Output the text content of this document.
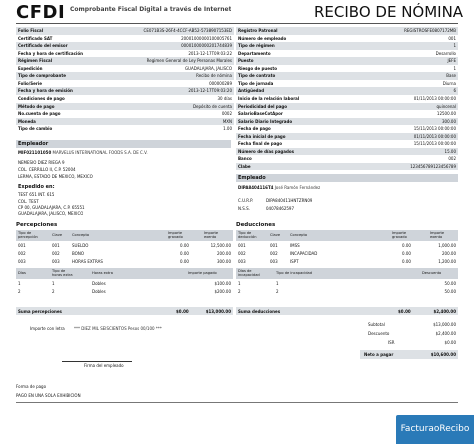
CFDI Comprobante Fiscal Digital a través de Internet	RECIBO DE NÓMINA
Folio Fiscal	CE071B3S-26F4-4CCF-AB52-5738907153ED
Certificado SAT	20001000000100005761
Certificado del emisor	00001000000201744839
Fecha y hora de certificación	2013-12-17T09:03:22
Régimen Fiscal	Regimen General de Ley Personas Morales
Expedición	GUADALAJARA, JALISCO
Tipo de comprobante	Recibo de nómina
Folio/Serie	000000289
Fecha y hora de emisión	2013-12-17T09:03:20
Condiciones de pago	30 días
Método de pago	Depósito de cuenta
No.cuenta de pago	0002
Moneda	MXN
Tipo de cambio	1.00
Registro Patronal	REGISTROSFE0807172MB
Número de empleado	001
Tipo de régimen	1
Departamento	Desarrollo
Puesto	JEFE
Riesgo de puesto	1
Tipo de contrato	Base
Tipo de jornada	Diurna
Antigüedad	6
Inicio de la relación laboral	01/11/2013 00:00:00
Periodicidad del pago	quincenal
SalarioBaseCotApor	12500.00
Salario Diario Integrado	300.00
Fecha de pago	15/11/2013 00:00:00
Fecha inicial de pago	01/11/2013 00:00:00
Fecha final de pago	15/11/2013 00:00:00
Número de días pagados	15.00
Banco	002
Clabe	123456789123456789
Empleador
MIF021101050 MARVELUS INTERNATIONAL FOODS S.A. DE C.V.
NEMESIO DIEZ RIEGA 9
COL. CERRILLO II, C.P. 52004
LERMA, ESTADO DE MEXICO, MEXICO
Expedido en:
TEST 651 INT. 615
COL. TEST
CP 00, GUADALAJARA, C.P. 65551
GUADALAJARA, JALISCO, MEXICO
Empleado
DIPA8404116T4 José Ramón Fernández
C.U.R.P.	DIPA840411HNTZRN09
N.S.S.	04078462597
Percepciones
Tipo de percepción	Clave	Concepto	Importe gravado
Importe exento
001	001	SUELDO	0.00	12,500.00
002	002	BONO	0.00	200.00
003	003	HORAS EXTRAS	0.00	300.00
Días	Tipo de horas extra	Horas extra	Importe pagado
1	1	Dobles	$100.00
2	2	Dobles	$200.00
Suma percepciones	$0.00	$13,000.00
Deducciones
Tipo de deducción	Clave	Concepto	Importe gravado
Importe exento
001	001	IMSS	0.00	1,000.00
002	002	INCAPACIDAD	0.00	200.00
003	003	ISPT	0.00	1,200.00
Días de incapacidad	Tipo de incapacidad	Descuento
1	1	50.00
2	2	50.00
Suma deducciones	$0.00	$2,400.00
Importe con letra *** DIEZ MIL SEISCIENTOS Pesos 00/100 ***
Subtotal	$13,000.00
Descuento	$2,400.00
ISR	$0.00
Neto a pagar	$10,600.00
Firma del empleado
Forma de pago
PAGO EN UNA SOLA EXHIBICIÓN
FacturaoRecibo
